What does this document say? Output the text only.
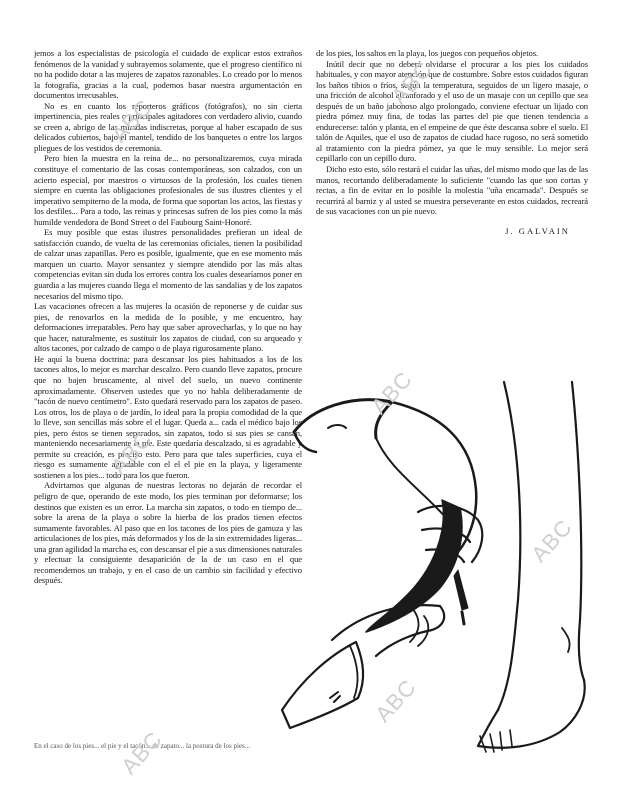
jemos a los especialistas de psicología el cuidado de explicar estos extraños fenómenos de la vanidad y subrayemos solamente, que el progreso científico ni no ha podido dotar a las mujeres de zapatos razonables. Lo creado por lo menos la fotografía, gracias a la cual, podemos basar nuestra argumentación en documentos irrecusables.

No es en cuanto los reporteros gráficos (fotógrafos), no sin cierta impertinencia, pies reales o principales agitadores con verdadero alivio, cuando se creen a, abrigo de las miradas indiscretas, porque al haber escapado de sus delicados cubiertos, bajo el mantel, tendido de los banquetes o entre los largos pliegues de los vestidos de ceremonia.

Pero bien la muestra en la reina de... no personalizaremos, cuya mirada constituye el comentario de las cosas contemporáneas, son calzados, con un acierto especial, por maestros o virtuosos de la profesión, los cuales tienen siempre en cuenta las obligaciones profesionales de sus ilustres clientes y el imperativo sempiterno de la moda, de forma que soportan los actos, las fiestas y los desfiles... Para a todo, las reinas y princesas sufren de los pies como la más humilde vendedora de Bond Street o del Faubourg Saint-Honoré.

Es muy posible que estas ilustres personalidades prefieran un ideal de satisfacción cuando, de vuelta de las ceremonias oficiales, tienen la posibilidad de calzar unas zapatillas. Pero es posible, igualmente, que en ese momento más marquen un cuarto. Mayor sensantez y siempre atendido por las más altas competencias evitan sin duda los errores contra los cuales desearíamos poner en guardia a las mujeres cuando llega el momento de las sandalias y de los zapatos necesarios del mismo tipo.

Las vacaciones ofrecen a las mujeres la ocasión de reponerse y de cuidar sus pies, de renovarlos en la medida de lo posible, y me encuentro, hay deformaciones irreparables. Pero hay que saber aprovecharlas, y lo que no hay que hacer, naturalmente, es sustituir los zapatos de ciudad, con su arqueado y altos tacones, por calzado de campo o de playa rigurosamente plano.

He aquí la buena doctrina: para descansar los pies habituados a los de los tacones altos, lo mejor es marchar descalzo. Pero cuando lleve zapatos, procure que no bajen bruscamente, al nivel del suelo, un nuevo continente aproximadamente. Observen ustedes que yo no habla deliberadamente de "tacón de nuevo centímetro". Esto quedará reservado para los zapatos de paseo. Los otros, los de playa o de jardín, lo ideal para la propia comodidad de la que lo lleve, son sencillas más sobre el el lugar. Queda a... cada el médico bajo los pies, pero éstos se tienen separados, sin zapatos, todo si sus pies se cansan, manteniendo necesariamente la pie. Este quedaría descalzado, si es agradable y permite su creación, es preciso esto. Pero para que tales superficies, cuya el riesgo es sumamente agradable con el el el pie en la playa, y ligeramente sostienen a los pies... todo para los que fueron.

Advirtamos que algunas de nuestras lectoras no dejarán de recordar el peligro de que, operando de este modo, los pies terminan por deformarse; los destinos que existen es un error. La marcha sin zapatos, o todo en tiempo de... sobre la arena de la playa o sobre la hierba de los prados tienen efectos sumamente favorables. Al paso que en los tacones de los pies de gamuza y las articulaciones de los pies, más deformados y los de la sin extremidades ligeras... una gran agilidad la marcha es, con descansar el pie a sus dimensiones naturales y efectuar la consiguiente desaparición de la de un caso en el que recomendemos un trabajo, y en el caso de un cambio sin facilidad y efectivo después.

de los pies, los saltos en la playa, los juegos con pequeños objetos.

Inútil decir que no deberá olvidarse el procurar a los pies los cuidados habituales, y con mayor atención que de costumbre. Sobre estos cuidados figuran los baños tibios o fríos, según la temperatura, seguidos de un ligero masaje, o una fricción de alcohol alcanforado y el uso de un masaje con un cepillo que sea después de un baño jabonoso algo prolongado, conviene efectuar un lijado con piedra pómez muy fina, de todas las partes del pie que tienen tendencia a endurecerse: talón y planta, en el empeine de que éste descansa sobre el suelo. El talón de Aquiles, que el uso de zapatos de ciudad hace rugoso, no será sometido al tratamiento con la piedra pómez, ya que le muy sensible. Lo mejor será cepillarlo con un cepillo duro.

Dicho esto esto, sólo restará el cuidar las uñas, del mismo modo que las de las manos, recortando deliberadamente lo suficiente "cuando las que son cortas y rectas, a fin de evitar en lo posible la molestia "uña encarnada". Después se recurrirá al barniz y al usted se muestra perseverante en estos cuidados, recreará de sus vacaciones con un pie nuevo.

J. GALVAIN
En el caso de los pies... el pie y el tacón... de zapato... la postura de los pies...
ABC
ABC
ABC
ABC
ABC
ABC
ABC
